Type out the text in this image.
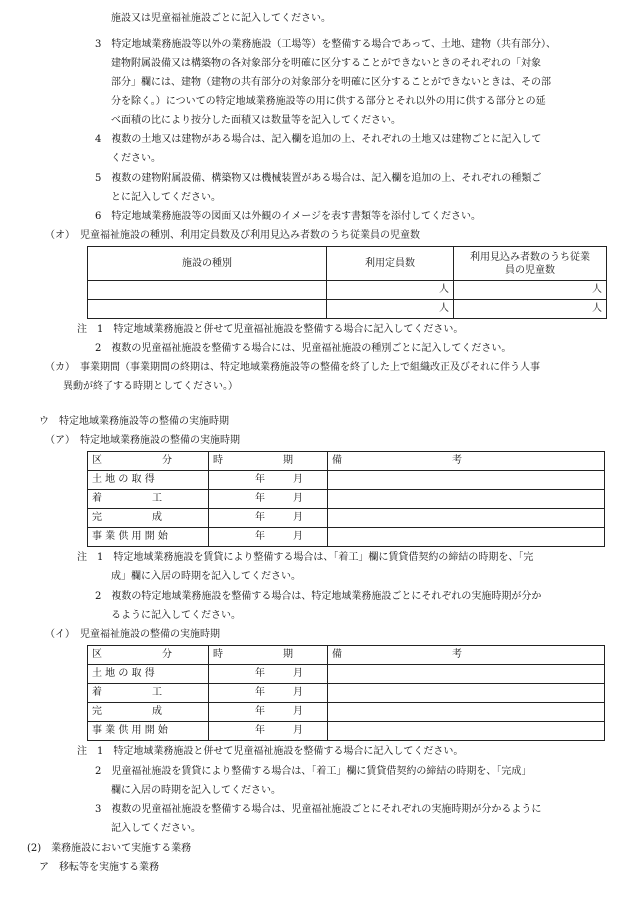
施設又は児童福祉施設ごとに記入してください。
3　特定地域業務施設等以外の業務施設（工場等）を整備する場合であって、土地、建物（共有部分）、
建物附属設備又は構築物の各対象部分を明確に区分することができないときのそれぞれの「対象
部分」欄には、建物（建物の共有部分の対象部分を明確に区分することができないときは、その部
分を除く。）についての特定地域業務施設等の用に供する部分とそれ以外の用に供する部分との延
べ面積の比により按分した面積又は数量等を記入してください。
4　複数の土地又は建物がある場合は、記入欄を追加の上、それぞれの土地又は建物ごとに記入して
ください。
5　複数の建物附属設備、構築物又は機械装置がある場合は、記入欄を追加の上、それぞれの種類ご
とに記入してください。
6　特定地域業務施設等の図面又は外観のイメージを表す書類等を添付してください。
（オ）　児童福祉施設の種別、利用定員数及び利用見込み者数のうち従業員の児童数
施設の種別	利用定員数	利用見込み者数のうち従業
員の児童数
	人	人
	人	人
注　1　特定地域業務施設と併せて児童福祉施設を整備する場合に記入してください。
2　複数の児童福祉施設を整備する場合には、児童福祉施設の種別ごとに記入してください。
（カ）　事業期間（事業期間の終期は、特定地域業務施設等の整備を終了した上で組織改正及びそれに伴う人事
異動が終了する時期としてください。）
ウ　特定地域業務施設等の整備の実施時期
（ア）　特定地域業務施設の整備の実施時期
区　　　　　　分	時　　　　　　期	備　　　　　　　　　　　考
土 地 の 取 得	年 月	
着　　　　　工	年 月	
完　　　　　成	年 月	
事 業 供 用 開 始	年 月	
注　1　特定地域業務施設を賃貸により整備する場合は、「着工」欄に賃貸借契約の締結の時期を、「完
成」欄に入居の時期を記入してください。
2　複数の特定地域業務施設を整備する場合は、特定地域業務施設ごとにそれぞれの実施時期が分か
るように記入してください。
（イ）　児童福祉施設の整備の実施時期
区　　　　　　分	時　　　　　　期	備　　　　　　　　　　　考
土 地 の 取 得	年 月	
着　　　　　工	年 月	
完　　　　　成	年 月	
事 業 供 用 開 始	年 月	
注　1　特定地域業務施設と併せて児童福祉施設を整備する場合に記入してください。
2　児童福祉施設を賃貸により整備する場合は、「着工」欄に賃貸借契約の締結の時期を、「完成」
欄に入居の時期を記入してください。
3　複数の児童福祉施設を整備する場合は、児童福祉施設ごとにそれぞれの実施時期が分かるように
記入してください。
(2)　業務施設において実施する業務
ア　移転等を実施する業務
